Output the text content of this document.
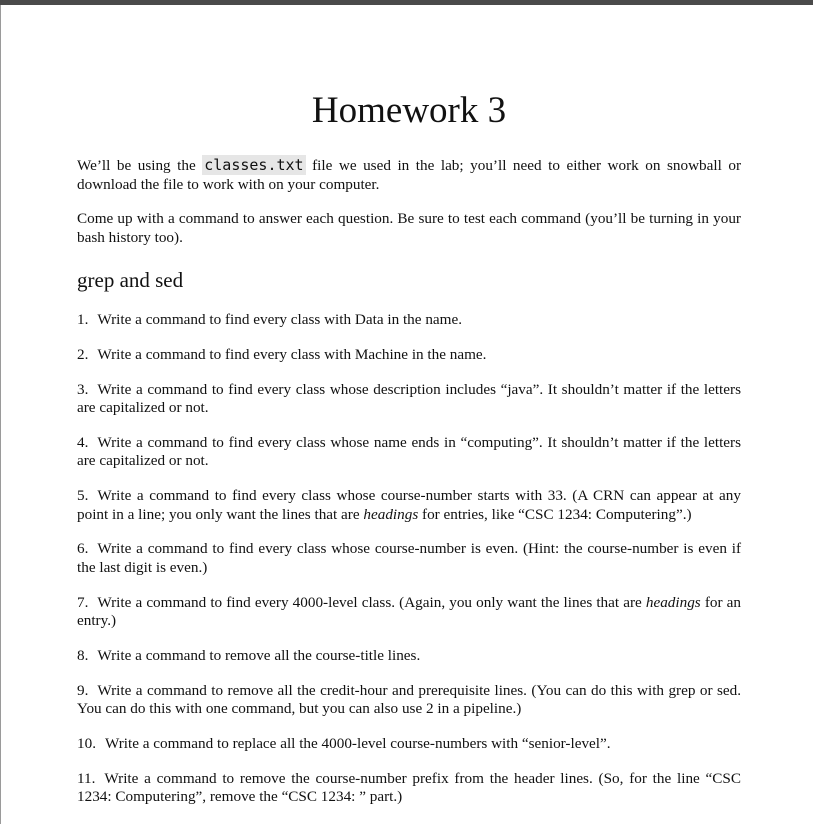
Homework 3

We’ll be using the classes.txt file we used in the lab; you’ll need to either work on snowball or download the file to work with on your computer.

Come up with a command to answer each question. Be sure to test each command (you’ll be turning in your bash history too).

grep and sed

1. Write a command to find every class with Data in the name.

2. Write a command to find every class with Machine in the name.

3. Write a command to find every class whose description includes “java”. It shouldn’t matter if the letters are capitalized or not.

4. Write a command to find every class whose name ends in “computing”. It shouldn’t matter if the letters are capitalized or not.

5. Write a command to find every class whose course-number starts with 33. (A CRN can appear at any point in a line; you only want the lines that are headings for entries, like “CSC 1234: Computering”.)

6. Write a command to find every class whose course-number is even. (Hint: the course-number is even if the last digit is even.)

7. Write a command to find every 4000-level class. (Again, you only want the lines that are headings for an entry.)

8. Write a command to remove all the course-title lines.

9. Write a command to remove all the credit-hour and prerequisite lines. (You can do this with grep or sed. You can do this with one command, but you can also use 2 in a pipeline.)

10. Write a command to replace all the 4000-level course-numbers with “senior-level”.

11. Write a command to remove the course-number prefix from the header lines. (So, for the line “CSC 1234: Computering”, remove the “CSC 1234: ” part.)
